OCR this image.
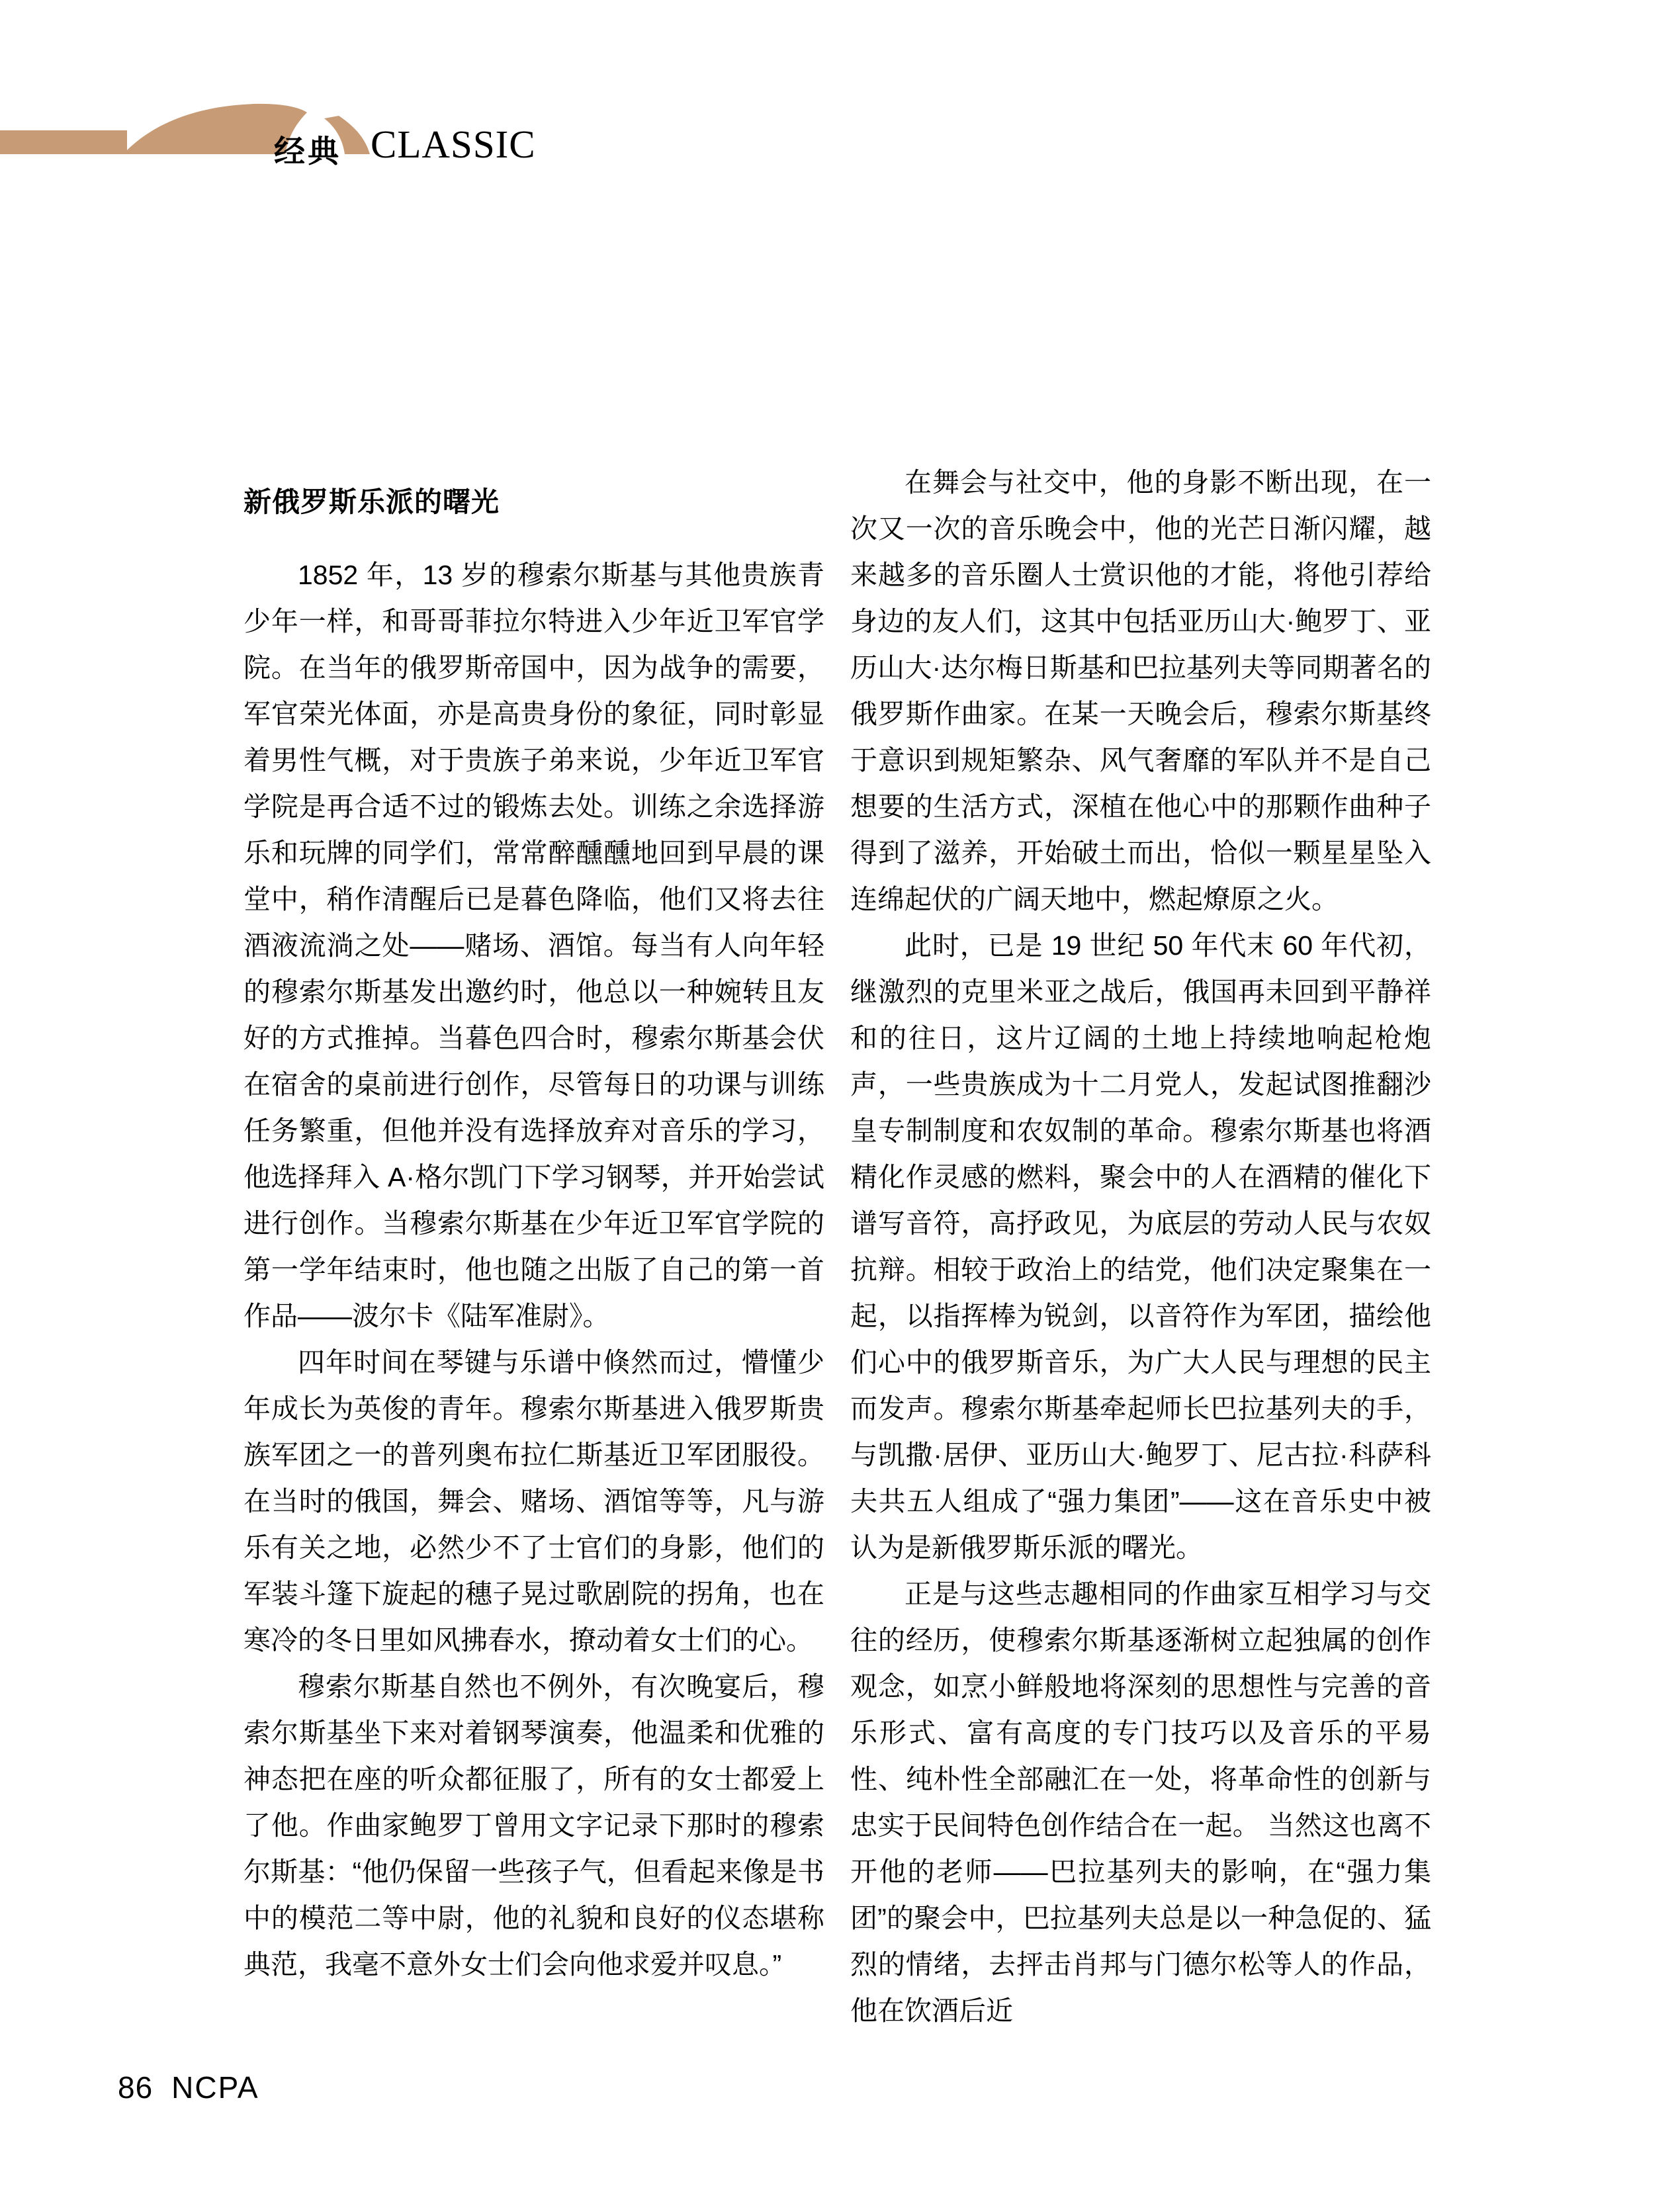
经典 CLASSIC
新俄罗斯乐派的曙光

1852 年，13 岁的穆索尔斯基与其他贵族青少年一样，和哥哥菲拉尔特进入少年近卫军官学院。在当年的俄罗斯帝国中，因为战争的需要，军官荣光体面，亦是高贵身份的象征，同时彰显着男性气概，对于贵族子弟来说，少年近卫军官学院是再合适不过的锻炼去处。训练之余选择游乐和玩牌的同学们，常常醉醺醺地回到早晨的课堂中，稍作清醒后已是暮色降临，他们又将去往酒液流淌之处——赌场、酒馆。每当有人向年轻的穆索尔斯基发出邀约时，他总以一种婉转且友好的方式推掉。当暮色四合时，穆索尔斯基会伏在宿舍的桌前进行创作，尽管每日的功课与训练任务繁重，但他并没有选择放弃对音乐的学习，他选择拜入 A·格尔凯门下学习钢琴，并开始尝试进行创作。当穆索尔斯基在少年近卫军官学院的第一学年结束时，他也随之出版了自己的第一首作品——波尔卡《陆军准尉》。

四年时间在琴键与乐谱中倏然而过，懵懂少年成长为英俊的青年。穆索尔斯基进入俄罗斯贵族军团之一的普列奥布拉仁斯基近卫军团服役。在当时的俄国，舞会、赌场、酒馆等等，凡与游乐有关之地，必然少不了士官们的身影，他们的军装斗篷下旋起的穗子晃过歌剧院的拐角，也在寒冷的冬日里如风拂春水，撩动着女士们的心。

穆索尔斯基自然也不例外，有次晚宴后，穆索尔斯基坐下来对着钢琴演奏，他温柔和优雅的神态把在座的听众都征服了，所有的女士都爱上了他。作曲家鲍罗丁曾用文字记录下那时的穆索尔斯基：“他仍保留一些孩子气，但看起来像是书中的模范二等中尉，他的礼貌和良好的仪态堪称典范，我毫不意外女士们会向他求爱并叹息。”

在舞会与社交中，他的身影不断出现，在一次又一次的音乐晚会中，他的光芒日渐闪耀，越来越多的音乐圈人士赏识他的才能，将他引荐给身边的友人们，这其中包括亚历山大·鲍罗丁、亚历山大·达尔梅日斯基和巴拉基列夫等同期著名的俄罗斯作曲家。在某一天晚会后，穆索尔斯基终于意识到规矩繁杂、风气奢靡的军队并不是自己想要的生活方式，深植在他心中的那颗作曲种子得到了滋养，开始破土而出，恰似一颗星星坠入连绵起伏的广阔天地中，燃起燎原之火。

此时，已是 19 世纪 50 年代末 60 年代初，继激烈的克里米亚之战后，俄国再未回到平静祥和的往日，这片辽阔的土地上持续地响起枪炮声，一些贵族成为十二月党人，发起试图推翻沙皇专制制度和农奴制的革命。穆索尔斯基也将酒精化作灵感的燃料，聚会中的人在酒精的催化下谱写音符，高抒政见，为底层的劳动人民与农奴抗辩。相较于政治上的结党，他们决定聚集在一起，以指挥棒为锐剑，以音符作为军团，描绘他们心中的俄罗斯音乐，为广大人民与理想的民主而发声。穆索尔斯基牵起师长巴拉基列夫的手，与凯撒·居伊、亚历山大·鲍罗丁、尼古拉·科萨科夫共五人组成了“强力集团”——这在音乐史中被认为是新俄罗斯乐派的曙光。

正是与这些志趣相同的作曲家互相学习与交往的经历，使穆索尔斯基逐渐树立起独属的创作观念，如烹小鲜般地将深刻的思想性与完善的音乐形式、富有高度的专门技巧以及音乐的平易性、纯朴性全部融汇在一处，将革命性的创新与忠实于民间特色创作结合在一起。 当然这也离不开他的老师——巴拉基列夫的影响，在“强力集团”的聚会中，巴拉基列夫总是以一种急促的、猛烈的情绪，去抨击肖邦与门德尔松等人的作品，他在饮酒后近

86 NCPA
